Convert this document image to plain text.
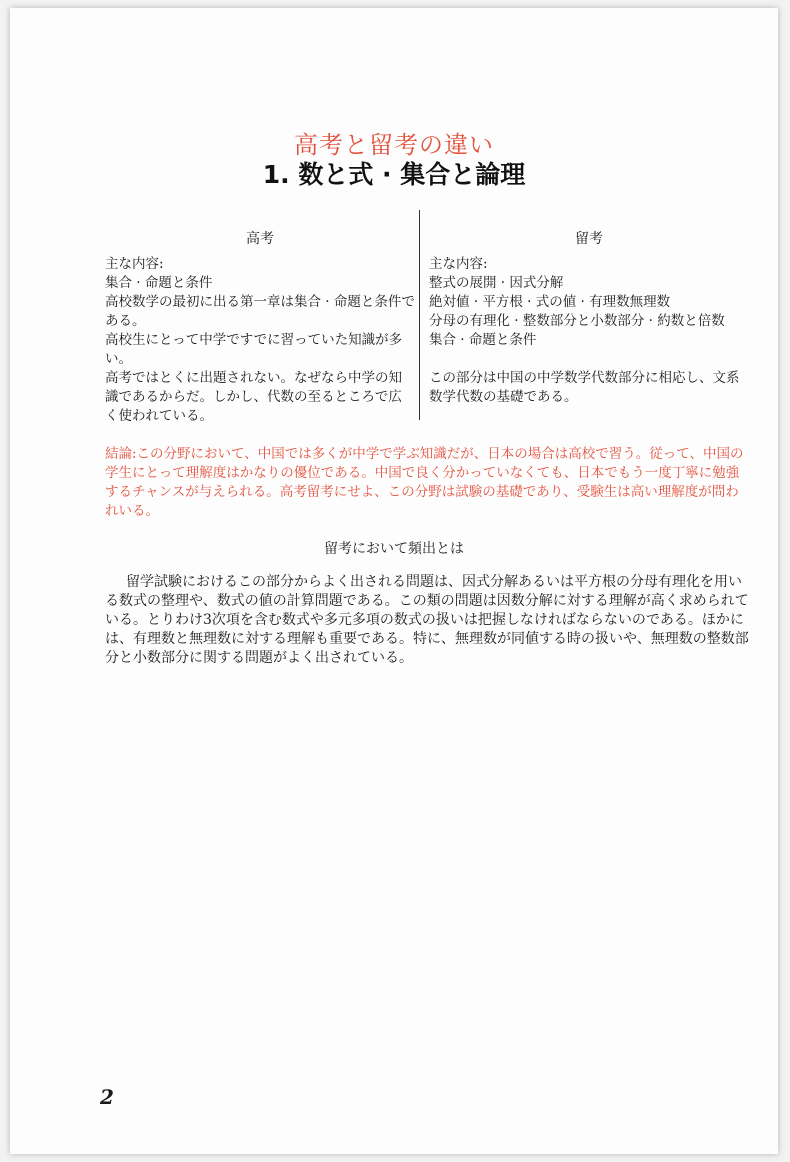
高考と留考の違い
1. 数と式 · 集合と論理
高考

主な内容:

集合 · 命題と条件

高校数学の最初に出る第一章は集合 · 命題と条件である。

高校生にとって中学ですでに習っていた知識が多い。

高考ではとくに出題されない。なぜなら中学の知識であるからだ。しかし、代数の至るところで広く使われている。

留考

主な内容:

整式の展開 · 因式分解

絶対値 · 平方根 · 式の値 · 有理数無理数

分母の有理化 · 整数部分と小数部分 · 約数と倍数

集合 · 命題と条件

この部分は中国の中学数学代数部分に相応し、文系数学代数の基礎である。

結論:この分野において、中国では多くが中学で学ぶ知識だが、日本の場合は高校で習う。従って、中国の学生にとって理解度はかなりの優位である。中国で良く分かっていなくても、日本でもう一度丁寧に勉強するチャンスが与えられる。高考留考にせよ、この分野は試験の基礎であり、受験生は高い理解度が問われいる。
留考において頻出とは
留学試験におけるこの部分からよく出される問題は、因式分解あるいは平方根の分母有理化を用いる数式の整理や、数式の値の計算問題である。この類の問題は因数分解に対する理解が高く求められている。とりわけ3次項を含む数式や多元多項の数式の扱いは把握しなければならないのである。ほかには、有理数と無理数に対する理解も重要である。特に、無理数が同値する時の扱いや、無理数の整数部分と小数部分に関する問題がよく出されている。
2
